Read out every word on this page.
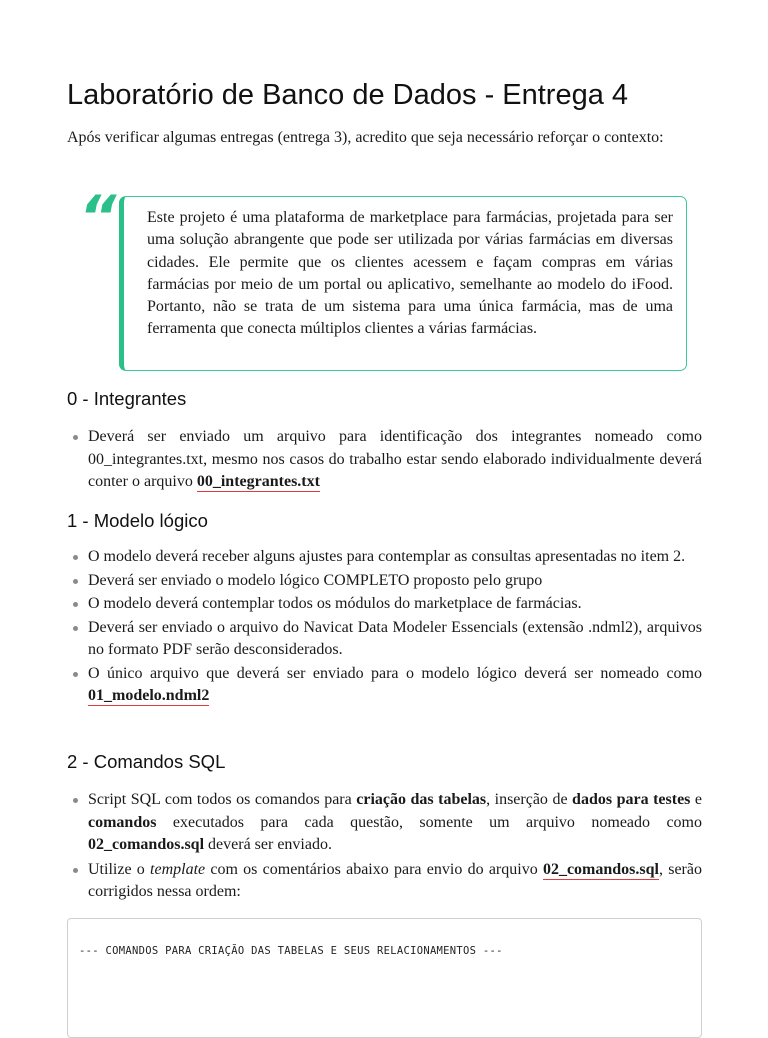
Laboratório de Banco de Dados - Entrega 4

Após verificar algumas entregas (entrega 3), acredito que seja necessário reforçar o contexto:

“ Este projeto é uma plataforma de marketplace para farmácias, projetada para ser uma solução abrangente que pode ser utilizada por várias farmácias em diversas cidades. Ele permite que os clientes acessem e façam compras em várias farmácias por meio de um portal ou aplicativo, semelhante ao modelo do iFood. Portanto, não se trata de um sistema para uma única farmácia, mas de uma ferramenta que conecta múltiplos clientes a várias farmácias.

0 - Integrantes
Deverá ser enviado um arquivo para identificação dos integrantes nomeado como 00_integrantes.txt, mesmo nos casos do trabalho estar sendo elaborado individualmente deverá conter o arquivo 00_integrantes.txt
1 - Modelo lógico
O modelo deverá receber alguns ajustes para contemplar as consultas apresentadas no item 2.
Deverá ser enviado o modelo lógico COMPLETO proposto pelo grupo
O modelo deverá contemplar todos os módulos do marketplace de farmácias.
Deverá ser enviado o arquivo do Navicat Data Modeler Essencials (extensão .ndml2), arquivos no formato PDF serão desconsiderados.
O único arquivo que deverá ser enviado para o modelo lógico deverá ser nomeado como 01_modelo.ndml2
2 - Comandos SQL
Script SQL com todos os comandos para criação das tabelas, inserção de dados para testes e comandos executados para cada questão, somente um arquivo nomeado como 02_comandos.sql deverá ser enviado.
Utilize o template com os comentários abaixo para envio do arquivo 02_comandos.sql, serão corrigidos nessa ordem:
--- COMANDOS PARA CRIAÇÃO DAS TABELAS E SEUS RELACIONAMENTOS ---
